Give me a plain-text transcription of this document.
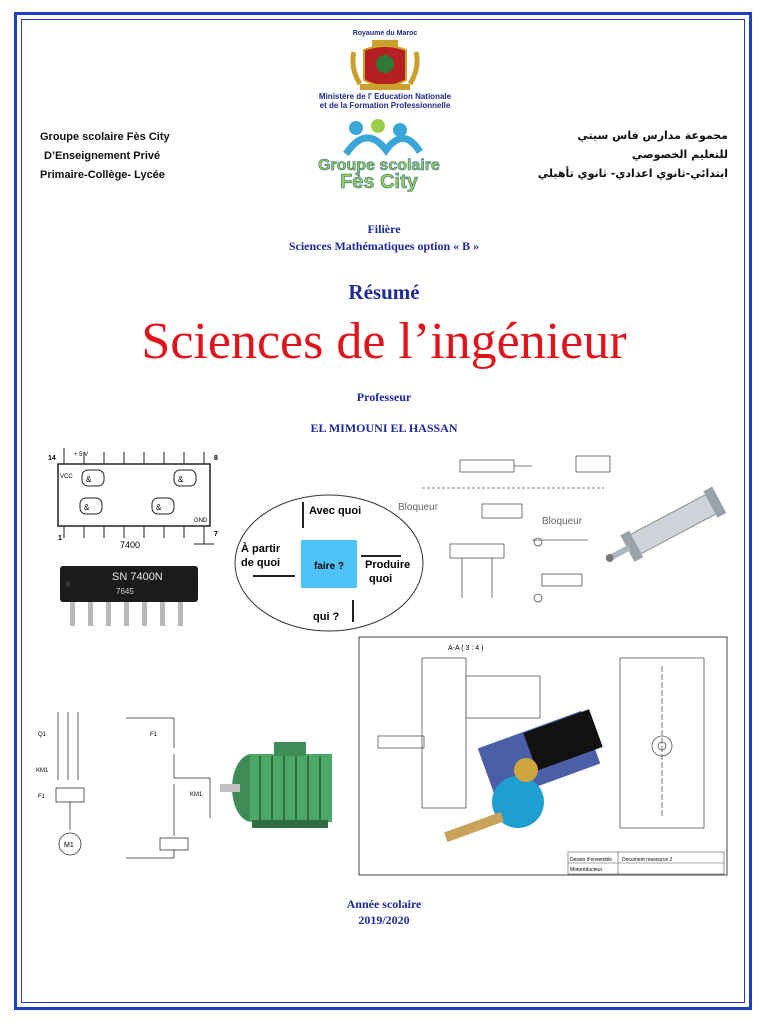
Royaume du Maroc
Ministère de l' Education Nationale
et de la Formation Professionnelle
Groupe scolaire
Fès City
Groupe scolaire Fès City
D’Enseignement Privé
Primaire-Collège- Lycée
مجموعة مدارس فاس سيتي
للتعليم الخصوصي
ابتدائي-ثانوي اعدادي- ثانوي تأهيلي
Filière
Sciences Mathématiques option « B »
Résumé
Sciences de l’ingénieur
Professeur
EL MIMOUNI EL HASSAN
&	&
&	&
14	+ 5 V	8
1
7
VCC
GND
7400
SN 7400N
7645
faire ?
Avec quoi
À partir
de quoi	Produire
quoi
qui ?
Bloqueur
Bloqueur
Q1
KM1
F1
M1
KM1
F1
A-A ( 3 : 4 )
Dessin d'ensemble
Motoréducteur
Document ressource 2
Année scolaire
2019/2020
